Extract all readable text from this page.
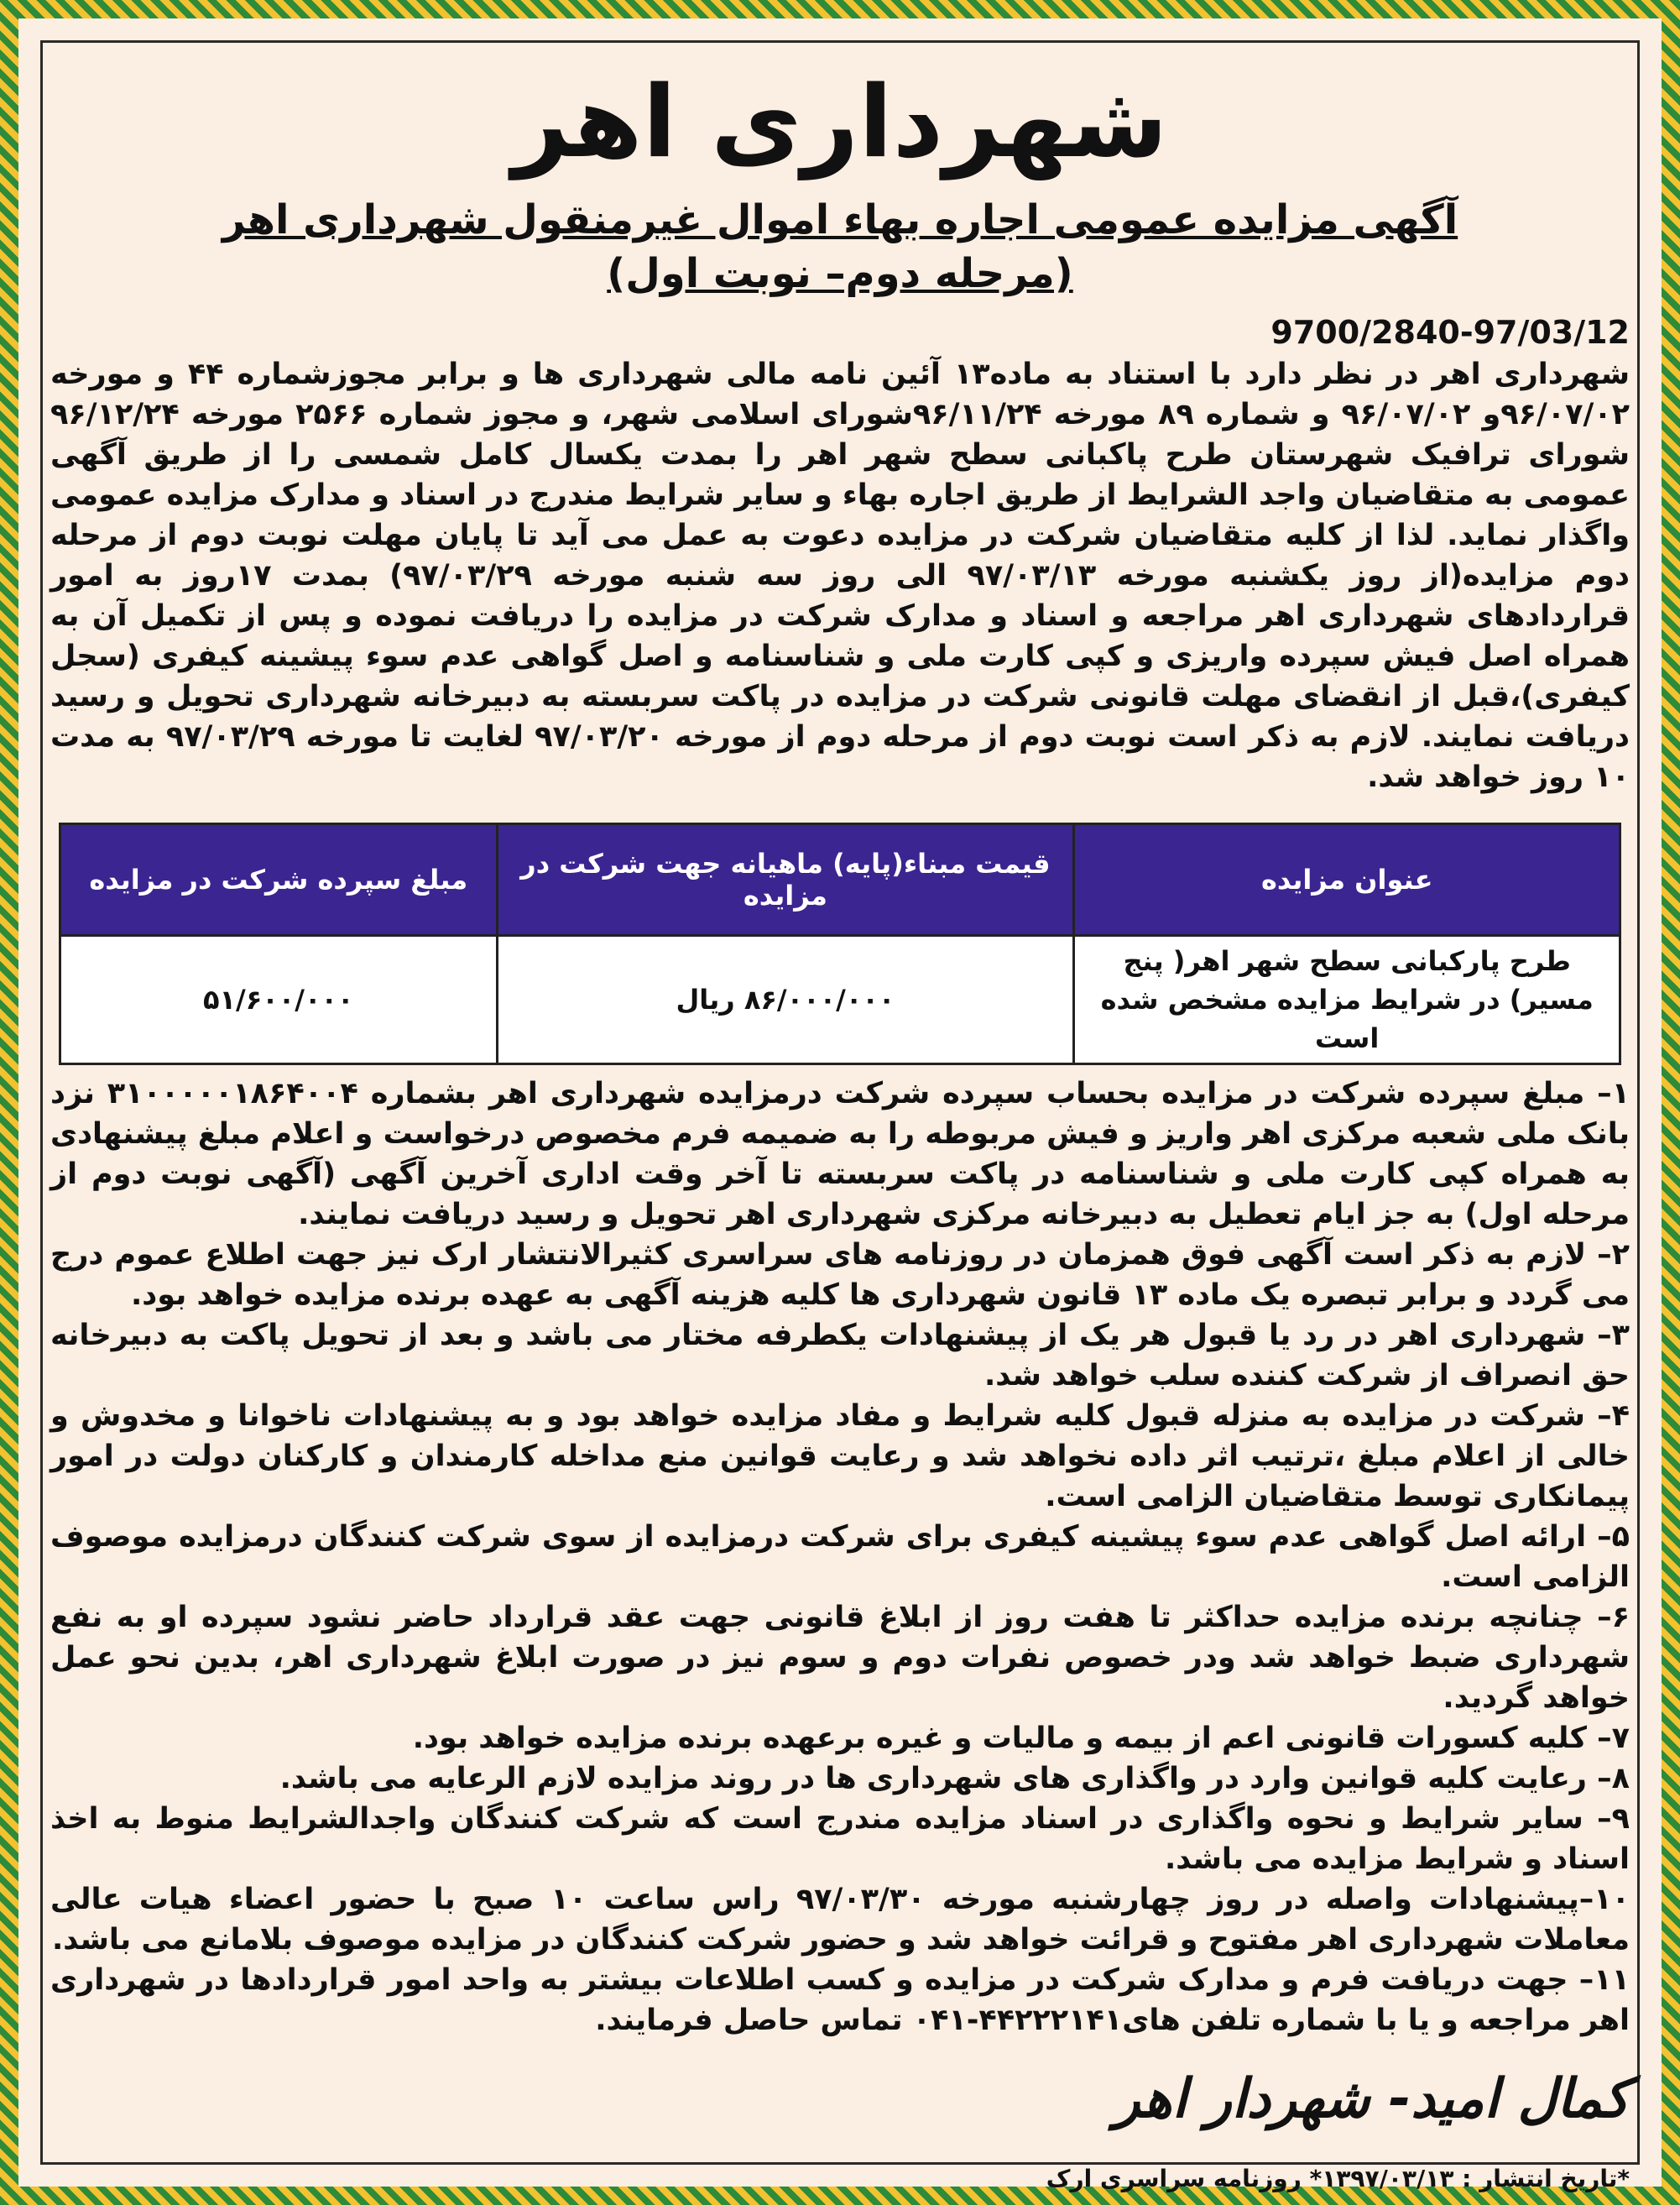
شهرداری اهر
آگهی مزایده عمومی اجاره بهاء اموال غیرمنقول شهرداری اهر
(مرحله دوم– نوبت اول)
9700/2840-97/03/12

شهرداری اهر در نظر دارد با استناد به ماده۱۳ آئین نامه مالی شهرداری ها و برابر مجوزشماره ۴۴ و مورخه ۹۶/۰۷/۰۲و ۹۶/۰۷/۰۲ و شماره ۸۹ مورخه ۹۶/۱۱/۲۴شورای اسلامی شهر، و مجوز شماره ۲۵۶۶ مورخه ۹۶/۱۲/۲۴ شورای ترافیک شهرستان طرح پاکبانی سطح شهر اهر را بمدت یکسال کامل شمسی را از طریق آگهی عمومی به متقاضیان واجد الشرایط از طریق اجاره بهاء و سایر شرایط مندرج در اسناد و مدارک مزایده عمومی واگذار نماید. لذا از کلیه متقاضیان شرکت در مزایده دعوت به عمل می آید تا پایان مهلت نوبت دوم از مرحله دوم مزایده(از روز یکشنبه مورخه ۹۷/۰۳/۱۳ الی روز سه شنبه مورخه ۹۷/۰۳/۲۹) بمدت ۱۷روز به امور قراردادهای شهرداری اهر مراجعه و اسناد و مدارک شرکت در مزایده را دریافت نموده و پس از تکمیل آن به همراه اصل فیش سپرده واریزی و کپی کارت ملی و شناسنامه و اصل گواهی عدم سوء پیشینه کیفری (سجل کیفری)،قبل از انقضای مهلت قانونی شرکت در مزایده در پاکت سربسته به دبیرخانه شهرداری تحویل و رسید دریافت نمایند. لازم به ذکر است نوبت دوم از مرحله دوم از مورخه ۹۷/۰۳/۲۰ لغایت تا مورخه ۹۷/۰۳/۲۹ به مدت ۱۰ روز خواهد شد.

عنوان مزایده	قیمت مبناء(پایه) ماهیانه جهت شرکت در مزایده	مبلغ سپرده شرکت در مزایده
طرح پارکبانی سطح شهر اهر( پنج مسیر) در شرایط مزایده مشخص شده است	۸۶/۰۰۰/۰۰۰ ریال	۵۱/۶۰۰/۰۰۰

۱– مبلغ سپرده شرکت در مزایده بحساب سپرده شرکت درمزایده شهرداری اهر بشماره ۳۱۰۰۰۰۰۱۸۶۴۰۰۴ نزد بانک ملی شعبه مرکزی اهر واریز و فیش مربوطه را به ضمیمه فرم مخصوص درخواست و اعلام مبلغ پیشنهادی به همراه کپی کارت ملی و شناسنامه در پاکت سربسته تا آخر وقت اداری آخرین آگهی (آگهی نوبت دوم از مرحله اول) به جز ایام تعطیل به دبیرخانه مرکزی شهرداری اهر تحویل و رسید دریافت نمایند.

۲– لازم به ذکر است آگهی فوق همزمان در روزنامه های سراسری کثیرالانتشار ارک نیز جهت اطلاع عموم درج می گردد و برابر تبصره یک ماده ۱۳ قانون شهرداری ها کلیه هزینه آگهی به عهده برنده مزایده خواهد بود.

۳– شهرداری اهر در رد یا قبول هر یک از پیشنهادات یکطرفه مختار می باشد و بعد از تحویل پاکت به دبیرخانه حق انصراف از شرکت کننده سلب خواهد شد.

۴– شرکت در مزایده به منزله قبول کلیه شرایط و مفاد مزایده خواهد بود و به پیشنهادات ناخوانا و مخدوش و خالی از اعلام مبلغ ،ترتیب اثر داده نخواهد شد و رعایت قوانین منع مداخله کارمندان و کارکنان دولت در امور پیمانکاری توسط متقاضیان الزامی است.

۵– ارائه اصل گواهی عدم سوء پیشینه کیفری برای شرکت درمزایده از سوی شرکت کنندگان درمزایده موصوف الزامی است.

۶– چنانچه برنده مزایده حداکثر تا هفت روز از ابلاغ قانونی جهت عقد قرارداد حاضر نشود سپرده او به نفع شهرداری ضبط خواهد شد ودر خصوص نفرات دوم و سوم نیز در صورت ابلاغ شهرداری اهر، بدین نحو عمل خواهد گردید.

۷– کلیه کسورات قانونی اعم از بیمه و مالیات و غیره برعهده برنده مزایده خواهد بود.

۸– رعایت کلیه قوانین وارد در واگذاری های شهرداری ها در روند مزایده لازم الرعایه می باشد.

۹– سایر شرایط و نحوه واگذاری در اسناد مزایده مندرج است که شرکت کنندگان واجدالشرایط منوط به اخذ اسناد و شرایط مزایده می باشد.

۱۰–پیشنهادات واصله در روز چهارشنبه مورخه ۹۷/۰۳/۳۰ راس ساعت ۱۰ صبح با حضور اعضاء هیات عالی معاملات شهرداری اهر مفتوح و قرائت خواهد شد و حضور شرکت کنندگان در مزایده موصوف بلامانع می باشد.

۱۱– جهت دریافت فرم و مدارک شرکت در مزایده و کسب اطلاعات بیشتر به واحد امور قراردادها در شهرداری اهر مراجعه و یا با شماره تلفن های۴۴۲۲۲۱۴۱-۰۴۱ تماس حاصل فرمایند.

کمال امید- شهردار اهر
*تاریخ انتشار : ۱۳۹۷/۰۳/۱۳* روزنامه سراسری ارک
